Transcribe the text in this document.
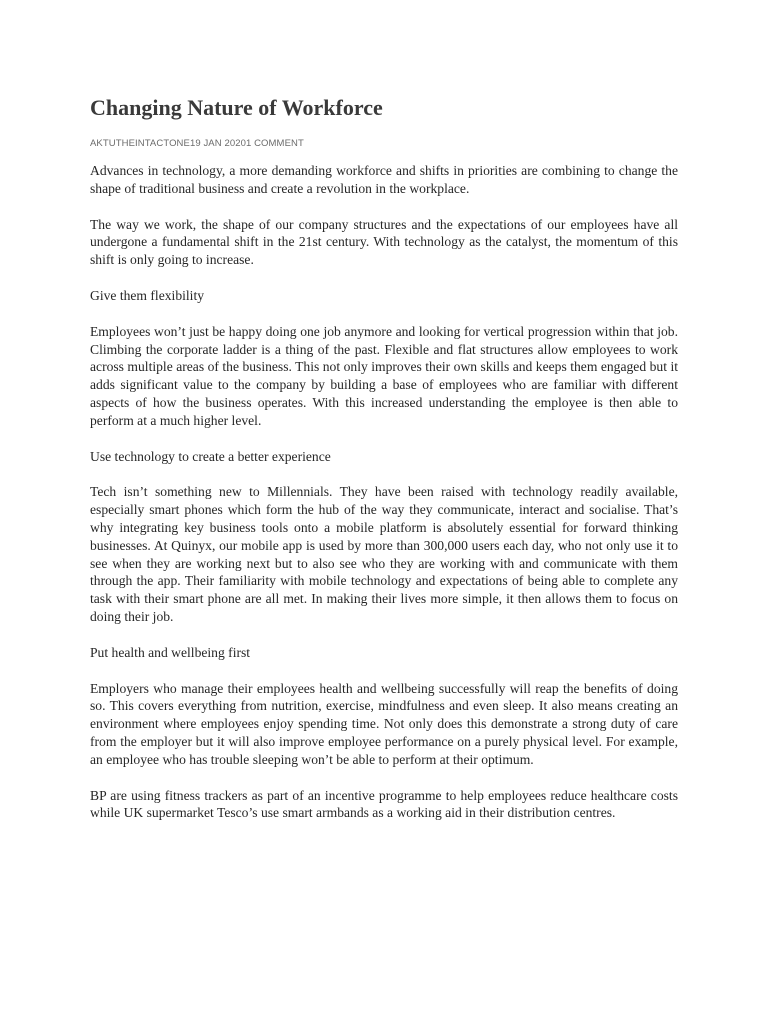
Changing Nature of Workforce
AKTUTHEINTACTONE19 JAN 20201 COMMENT

Advances in technology, a more demanding workforce and shifts in priorities are combining to change the shape of traditional business and create a revolution in the workplace.

The way we work, the shape of our company structures and the expectations of our employees have all undergone a fundamental shift in the 21st century. With technology as the catalyst, the momentum of this shift is only going to increase.

Give them flexibility

Employees won’t just be happy doing one job anymore and looking for vertical progression within that job. Climbing the corporate ladder is a thing of the past. Flexible and flat structures allow employees to work across multiple areas of the business. This not only improves their own skills and keeps them engaged but it adds significant value to the company by building a base of employees who are familiar with different aspects of how the business operates. With this increased understanding the employee is then able to perform at a much higher level.

Use technology to create a better experience

Tech isn’t something new to Millennials. They have been raised with technology readily available, especially smart phones which form the hub of the way they communicate, interact and socialise. That’s why integrating key business tools onto a mobile platform is absolutely essential for forward thinking businesses. At Quinyx, our mobile app is used by more than 300,000 users each day, who not only use it to see when they are working next but to also see who they are working with and communicate with them through the app. Their familiarity with mobile technology and expectations of being able to complete any task with their smart phone are all met. In making their lives more simple, it then allows them to focus on doing their job.

Put health and wellbeing first

Employers who manage their employees health and wellbeing successfully will reap the benefits of doing so. This covers everything from nutrition, exercise, mindfulness and even sleep. It also means creating an environment where employees enjoy spending time. Not only does this demonstrate a strong duty of care from the employer but it will also improve employee performance on a purely physical level. For example, an employee who has trouble sleeping won’t be able to perform at their optimum.

BP are using fitness trackers as part of an incentive programme to help employees reduce healthcare costs while UK supermarket Tesco’s use smart armbands as a working aid in their distribution centres.
